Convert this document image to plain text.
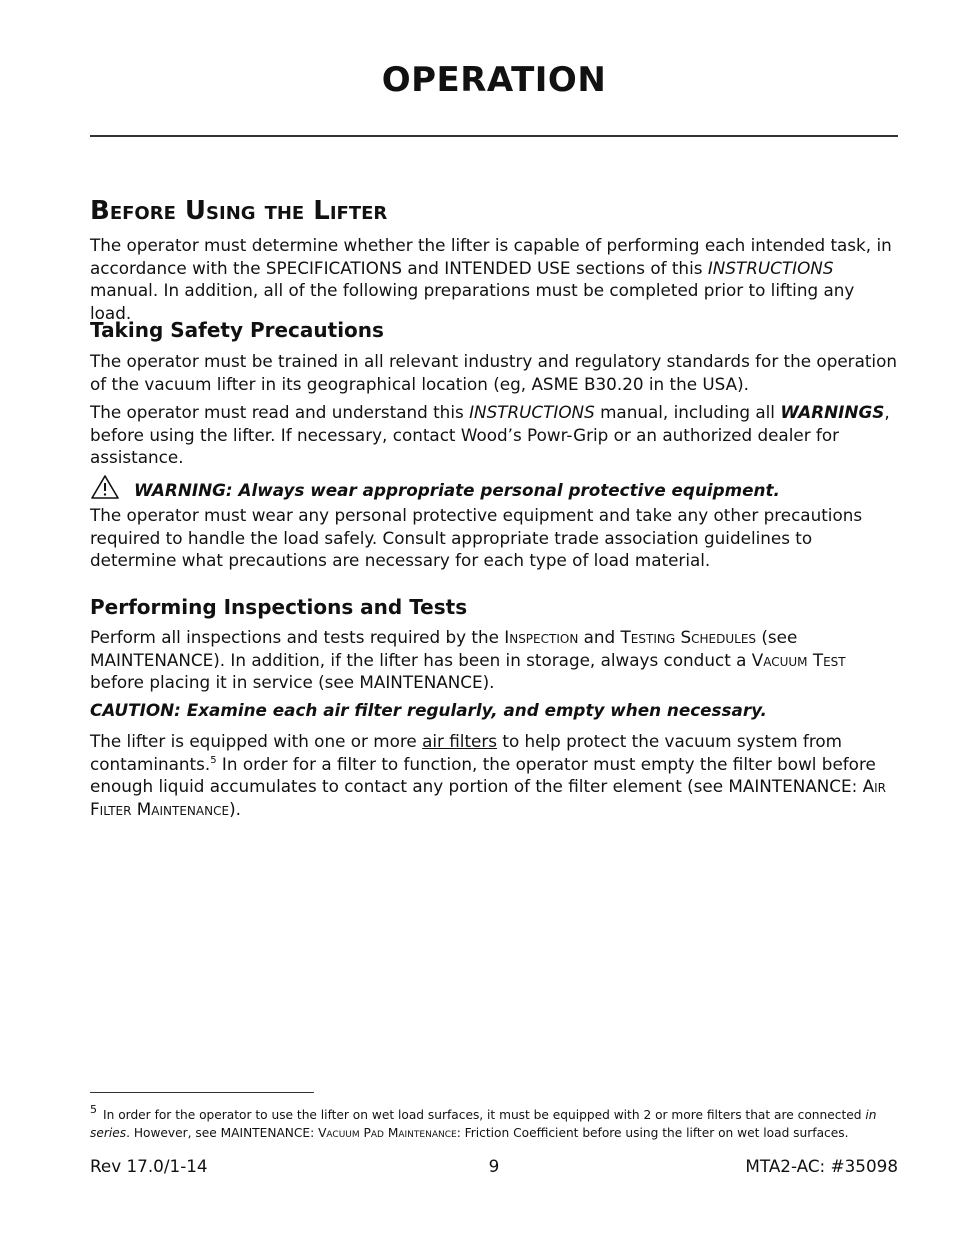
OPERATION
Before Using the Lifter

The operator must determine whether the lifter is capable of performing each intended task, in accordance with the SPECIFICATIONS and INTENDED USE sections of this INSTRUCTIONS manual. In addition, all of the following preparations must be completed prior to lifting any load.

Taking Safety Precautions

The operator must be trained in all relevant industry and regulatory standards for the operation of the vacuum lifter in its geographical location (eg, ASME B30.20 in the USA).

The operator must read and understand this INSTRUCTIONS manual, including all WARNINGS, before using the lifter. If necessary, contact Wood’s Powr-Grip or an authorized dealer for assistance.

WARNING: Always wear appropriate personal protective equipment.

The operator must wear any personal protective equipment and take any other precautions required to handle the load safely. Consult appropriate trade association guidelines to determine what precautions are necessary for each type of load material.

Performing Inspections and Tests

Perform all inspections and tests required by the Inspection and Testing Schedules (see MAINTENANCE). In addition, if the lifter has been in storage, always conduct a Vacuum Test before placing it in service (see MAINTENANCE).

CAUTION: Examine each air filter regularly, and empty when necessary.

The lifter is equipped with one or more air filters to help protect the vacuum system from contaminants.$^5$ In order for a filter to function, the operator must empty the filter bowl before enough liquid accumulates to contact any portion of the filter element (see MAINTENANCE: Air Filter Maintenance).

$^5$ In order for the operator to use the lifter on wet load surfaces, it must be equipped with 2 or more filters that are connected in series. However, see MAINTENANCE: Vacuum Pad Maintenance: Friction Coefficient before using the lifter on wet load surfaces.
Rev 17.0/1-14	9	MTA2-AC: #35098
